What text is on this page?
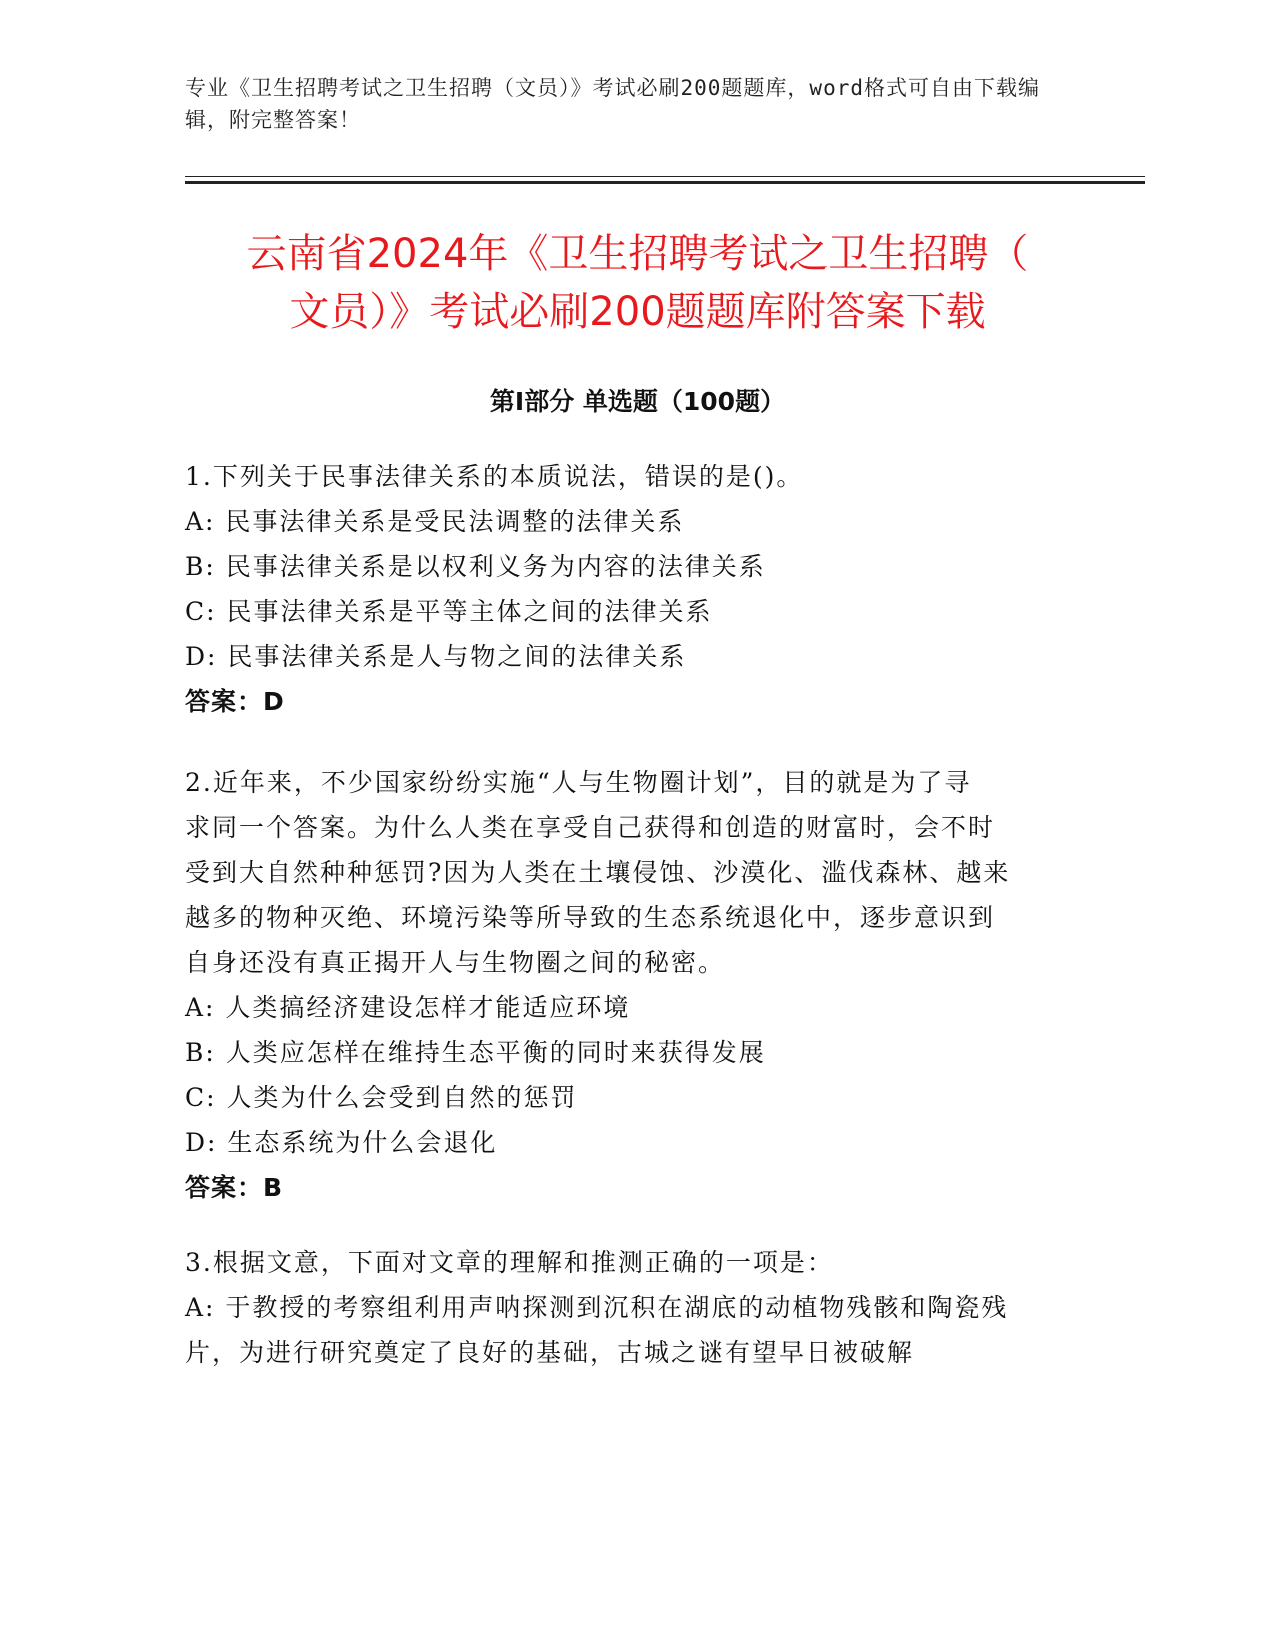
专业《卫生招聘考试之卫生招聘（文员）》考试必刷200题题库，word格式可自由下载编辑，附完整答案！
云南省2024年《卫生招聘考试之卫生招聘（
文员）》考试必刷200题题库附答案下载
第Ⅰ部分 单选题（100题）
1.下列关于民事法律关系的本质说法，错误的是()。
A: 民事法律关系是受民法调整的法律关系
B: 民事法律关系是以权利义务为内容的法律关系
C: 民事法律关系是平等主体之间的法律关系
D: 民事法律关系是人与物之间的法律关系
答案：D
2.近年来，不少国家纷纷实施“人与生物圈计划”，目的就是为了寻
求同一个答案。为什么人类在享受自己获得和创造的财富时，会不时
受到大自然种种惩罚?因为人类在土壤侵蚀、沙漠化、滥伐森林、越来
越多的物种灭绝、环境污染等所导致的生态系统退化中，逐步意识到
自身还没有真正揭开人与生物圈之间的秘密。
A: 人类搞经济建设怎样才能适应环境
B: 人类应怎样在维持生态平衡的同时来获得发展
C: 人类为什么会受到自然的惩罚
D: 生态系统为什么会退化
答案：B
3.根据文意，下面对文章的理解和推测正确的一项是：
A: 于教授的考察组利用声呐探测到沉积在湖底的动植物残骸和陶瓷残
片，为进行研究奠定了良好的基础，古城之谜有望早日被破解
